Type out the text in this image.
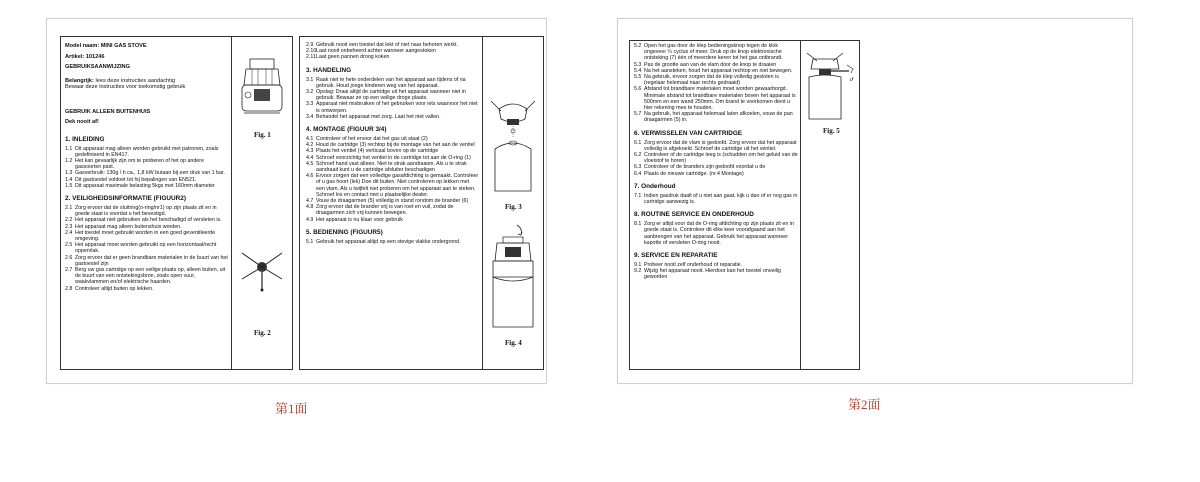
Model naam: MINI GAS STOVE

Artikel: 101246

GEBRUIKSAANWIJZING

Belangrijk: lees deze instructies aandachtig

Bewaar deze instructies voor toekomstig gebruik

GEBRUIK ALLEEN BUITENHUIS

Dek nooit af!

1. INLEIDING
1.1 Dit apparaat mag alleen worden gebruikt met patronen, zoals gedefinieerd in EN417.
1.2 Het kan gevaarlijk zijn om te proberen of het op andere gassoorten past.
1.3 Gasverbruik: 130g / h ca., 1,8 kW butaan bij een druk van 1 bar.
1.4 Dit gastoestel voldoet tot hij bepalingen van EN521.
1.5 Dit apparaat maximale belasting 5kgs met 160mm diameter
2. VEILIGHEIDSINFORMATIE (FIGUUR2)
2.1 Zorg ervoor dat de sluitring(o-ring/nr1) op zijn plaats zit en in goede staat is voordat u het bevestigd.
2.2 Het apparaat niet gebruiken als het beschadigd of versleten is.
2.3 Het apparaat mag alleen buitenshuis worden.
2.4 Het toestel moet gebruikt worden in een goed geventileerde omgeving.
2.5 Het apparaat moet worden gebruikt op een horizontaal/recht oppervlak.
2.6 Zorg ervoor dat er geen brandbare materialen in de buurt van het gastoestel zijn
2.7 Berg uw gas cartridge op een veilige plaats op, alleen buiten, uit de buurt van een ontstekingsbron, zoals open vuur, waakvlammen en/of elektrische haarden.
2.8 Controleer altijd buiten op lekken.
Fig. 1
Fig. 2
2.9 Gebruik nooit een toestel dat lekt of niet naar behoren werkt.
2.10 Laat nooit onbeheerd achter wanneer aangestoken
2.11 Laat geen pannen droog koken
3. HANDELING
3.1 Raak niet te hete onderdelen van het apparaat aan tijdens of na gebruik. Houd jonge kinderen weg van het apparaat.
3.2 Opslag: Draai altijd de cartridge uit het apparaat wanneer niet in gebruik. Bewaar ze op een veilige droge plaats.
3.3 Apparaat niet misbruiken of het gebruiken voor iets waarvoor het niet is ontworpen.
3.4 Behandel het apparaat met zorg. Laat het niet vallen.
4. MONTAGE (FIGUUR 3/4)
4.1 Controleer of het ervoor dat het gas uit staat (2)
4.2 Houd de cartridge (3) rechtop bij de montage van het aan de ventiel
4.3 Plaats het ventiel (4) verticaal boven op de cartridge
4.4 Schroef voorzichtig het ventiel in de cartridge tot aan de O-ring (1)
4.5 Schroef hand vast alleen. Niet te strak aandraaien. Als u te strak aandraait kunt u de cartridge afsluiter beschadigen
4.6 Ervoor zorgen dat een volledige gasafdichting is gemaakt. Controleer of u gas hoort (lek) Doe dit buiten. Niet controleren op lekken met een vlam. Als u twijfelt niet proberen om het apparaat aan te steken. Schroef los en contact met u plaatselijke dealer.
4.7 Vouw de draagarmen (5) volledig in stand rondom de brander (6)
4.8 Zorg ervoor dat de brander vrij is van roet en vuil, zodat de draagarmen zich vrij kunnen bewegen.
4.9 Het apparaat is nu klaar voor gebruik
5. BEDIENING (FIGUUR5)
5.1 Gebruik het apparaat altijd op een stevige vlakke ondergrond.
Fig. 3
Fig. 4
第1面
5.2 Open het gas door de klep bedieningsknop tegen de klok ongeveer ¼ cyclus of meer. Druk op de knop elektronische ontsteking (7) één of meerdere keren tot het gas ontbrandt.
5.3 Pas de grootte aan van de vlam door de knop te draaien
5.4 Na het aansteken, houd het apparaat rechtop en niet bewegen.
5.5 Na gebruik, ervoor zorgen dat de klep volledig gesloten is (regelaar helemaal naar rechts gedraaid)
5.6 Afstand tot brandbare materialen moet worden gewaarborgd. Minimale afstand tot brandbare materialen boven het apparaat is 500mm en een wand 250mm. Om brand te voorkomen dient u hier rekening mee te houden.
5.7 Na gebruik, het apparaat helemaal laten afkoelen, vouw de pan draagarmen (5) in.
6. VERWISSELEN VAN CARTRIDGE
6.1 Zorg ervoor dat de vlam is gedoofd. Zorg ervoor dat het apparaat volledig is afgekoeld. Schroef de cartridge uit het ventiel.
6.2 Controleer of de cartridge leeg is (schudden om het geluid van de vloeistof te horen)
6.3 Controleer of de branders zijn gedoofd voordat u de
6.4 Plaats de nieuwe cartridge. (nr.4 Montage)
7. Onderhoud
7.1 Indien gasdruk daalt of u niet aan gaat, kijk u dan of er nog gas in cartridge aanwezig is.
8. ROUTINE SERVICE EN ONDERHOUD
8.1 Zorg er altijd voor dat de O-ring afdichting op zijn plaats zit en in goede staat is. Controleer dit elke keer voorafgaand aan het aanbrengen van het apparaat. Gebruik het apparaat wanneer kapotte of versleten O-ring nooit.
9. SERVICE EN REPARATIE
9.1 Probeer nooit zelf onderhoud of reparatie.
9.2 Wijzig het apparaat nooit. Hierdoor kan het toestel onveilig geworden
↺
Fig. 5
第2面
